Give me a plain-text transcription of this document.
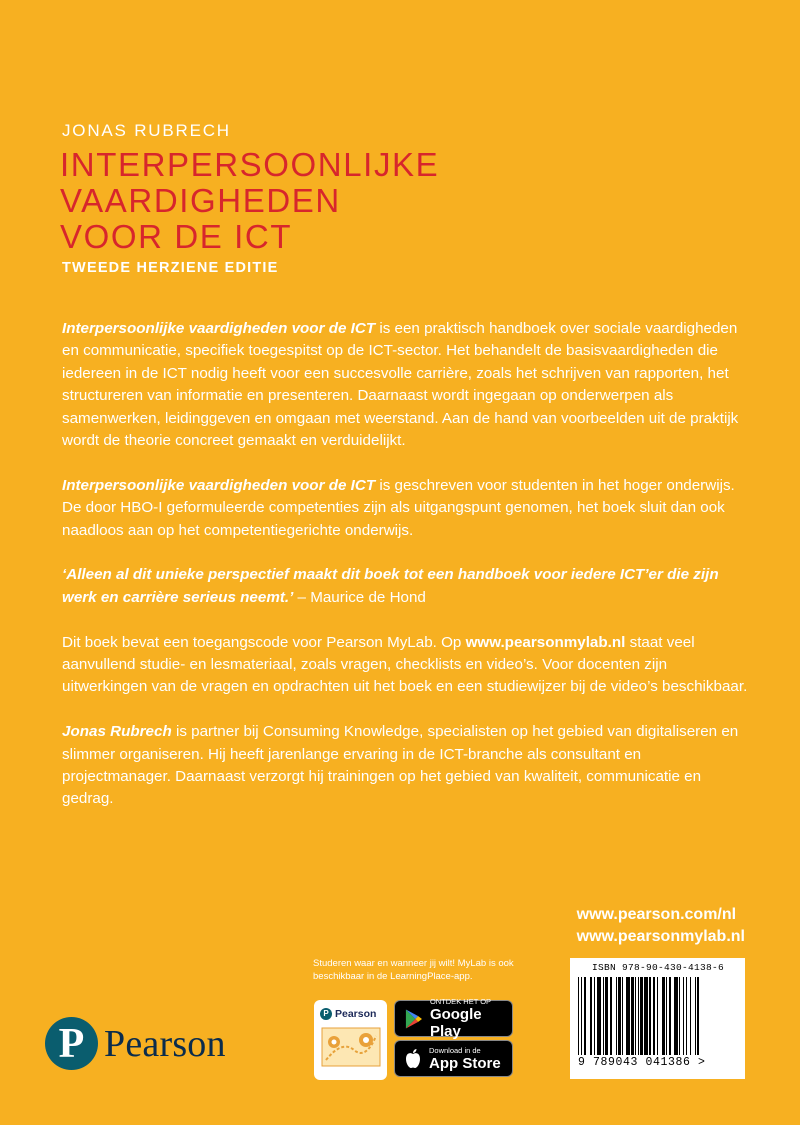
JONAS RUBRECH
INTERPERSOONLIJKE
VAARDIGHEDEN
VOOR DE ICT
TWEEDE HERZIENE EDITIE

Interpersoonlijke vaardigheden voor de ICT is een praktisch handboek over sociale vaardigheden en communicatie, specifiek toegespitst op de ICT-sector. Het behandelt de basisvaardigheden die iedereen in de ICT nodig heeft voor een succesvolle carrière, zoals het schrijven van rapporten, het structureren van informatie en presenteren. Daarnaast wordt ingegaan op onderwerpen als samenwerken, leidinggeven en omgaan met weerstand. Aan de hand van voorbeelden uit de praktijk wordt de theorie concreet gemaakt en verduidelijkt.

Interpersoonlijke vaardigheden voor de ICT is geschreven voor studenten in het hoger onderwijs. De door HBO-I geformuleerde competenties zijn als uitgangspunt genomen, het boek sluit dan ook naadloos aan op het competentiegerichte onderwijs.

‘Alleen al dit unieke perspectief maakt dit boek tot een handboek voor iedere ICT’er die zijn werk en carrière serieus neemt.’ – Maurice de Hond

Dit boek bevat een toegangscode voor Pearson MyLab. Op www.pearsonmylab.nl staat veel aanvullend studie- en lesmateriaal, zoals vragen, checklists en video’s. Voor docenten zijn uitwerkingen van de vragen en opdrachten uit het boek en een studiewijzer bij de video’s beschikbaar.

Jonas Rubrech is partner bij Consuming Knowledge, specialisten op het gebied van digitaliseren en slimmer organiseren. Hij heeft jarenlange ervaring in de ICT-branche als consultant en projectmanager. Daarnaast verzorgt hij trainingen op het gebied van kwaliteit, communicatie en gedrag.

www.pearson.com/nl
www.pearsonmylab.nl
Studeren waar en wanneer jij wilt! MyLab is ook beschikbaar in de LearningPlace-app.
P Pearson
ONTDEK HET OP
Google Play
Download in de
App Store
P Pearson
ISBN 978-90-430-4138-6
9 789043 041386 >
